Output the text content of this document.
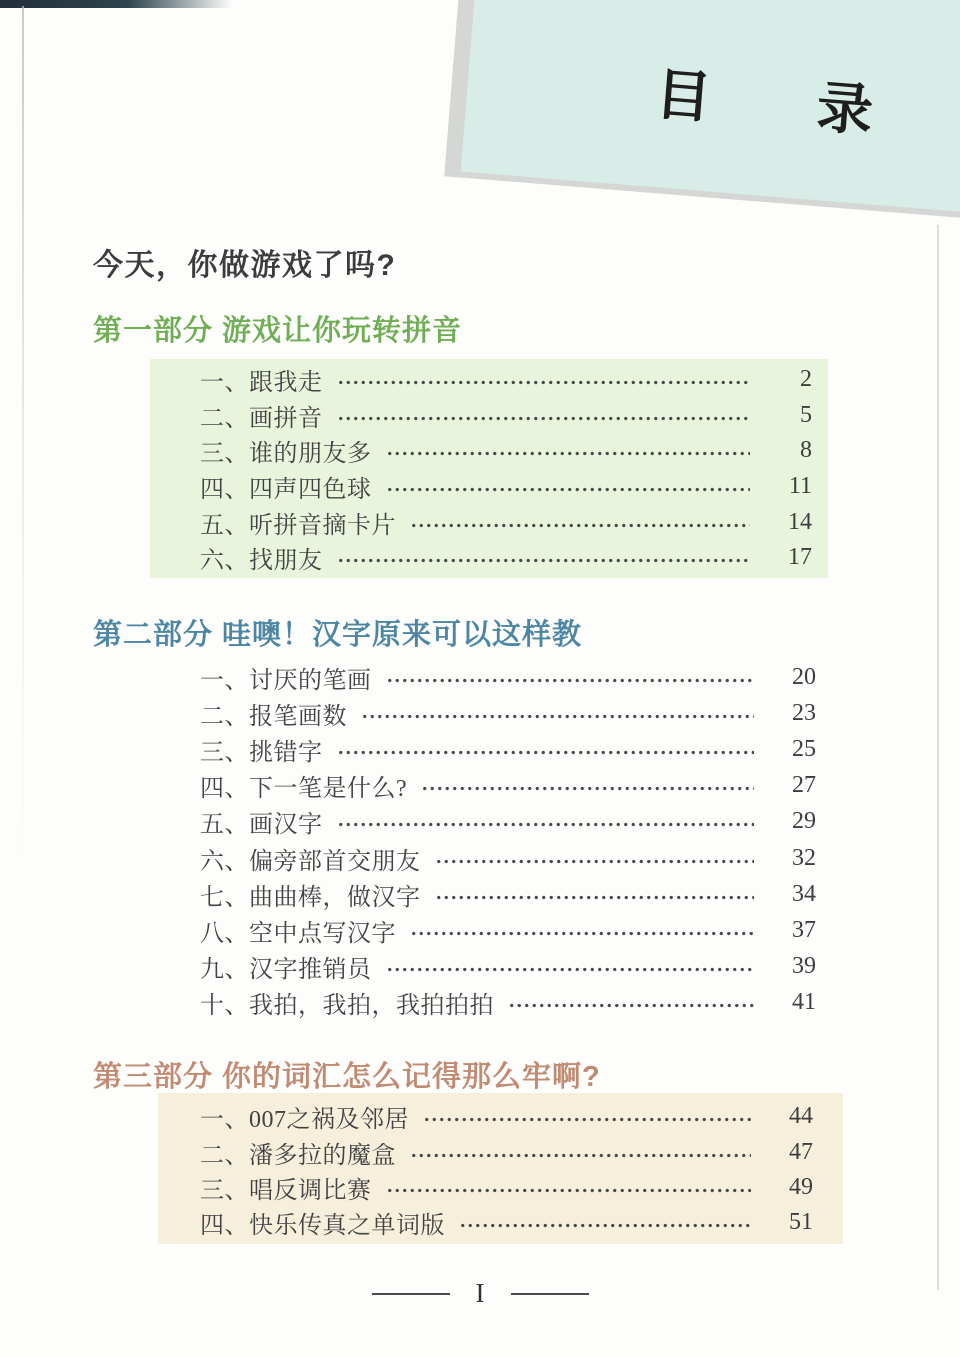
目 录
今天，你做游戏了吗?
第一部分 游戏让你玩转拼音
一、跟我走	2
二、画拼音	5
三、谁的朋友多	8
四、四声四色球	11
五、听拼音摘卡片	14
六、找朋友	17
第二部分 哇噢！汉字原来可以这样教
一、讨厌的笔画	20
二、报笔画数	23
三、挑错字	25
四、下一笔是什么?	27
五、画汉字	29
六、偏旁部首交朋友	32
七、曲曲棒，做汉字	34
八、空中点写汉字	37
九、汉字推销员	39
十、我拍，我拍，我拍拍拍	41
第三部分 你的词汇怎么记得那么牢啊?
一、007之祸及邻居	44
二、潘多拉的魔盒	47
三、唱反调比赛	49
四、快乐传真之单词版	51
I
